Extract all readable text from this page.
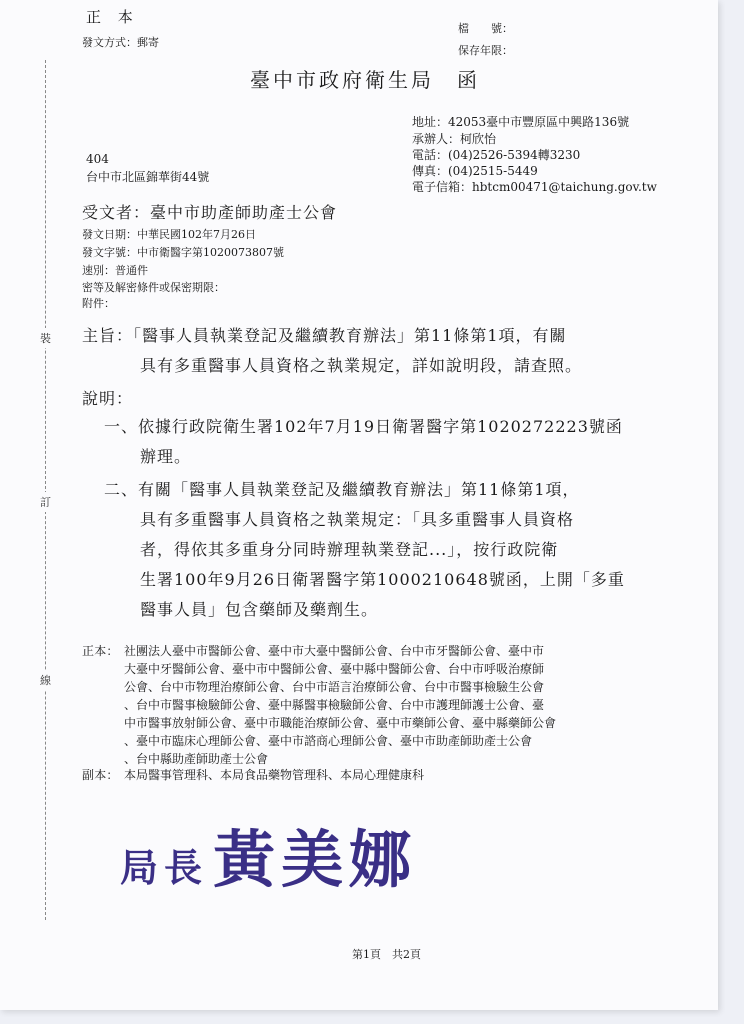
正 本
發文方式：郵寄
檔　　號：
保存年限：
臺中市政府衛生局　函
地址：42053臺中市豐原區中興路136號
承辦人：柯欣怡
電話：(04)2526-5394轉3230
傳真：(04)2515-5449
電子信箱：hbtcm00471@taichung.gov.tw
404
台中市北區錦華街44號
受文者：臺中市助產師助產士公會
發文日期：中華民國102年7月26日
發文字號：中市衛醫字第1020073807號
速別：普通件
密等及解密條件或保密期限：
附件：
裝
訂
線
主旨：「醫事人員執業登記及繼續教育辦法」第11條第1項，有關
具有多重醫事人員資格之執業規定，詳如說明段，請查照。
說明：
一、依據行政院衛生署102年7月19日衛署醫字第1020272223號函
辦理。
二、有關「醫事人員執業登記及繼續教育辦法」第11條第1項，
具有多重醫事人員資格之執業規定：「具多重醫事人員資格
者，得依其多重身分同時辦理執業登記...」，按行政院衛
生署100年9月26日衛署醫字第1000210648號函，上開「多重
醫事人員」包含藥師及藥劑生。
正本： 社團法人臺中市醫師公會、臺中市大臺中醫師公會、台中市牙醫師公會、臺中市
大臺中牙醫師公會、臺中市中醫師公會、臺中縣中醫師公會、台中市呼吸治療師
公會、台中市物理治療師公會、台中市語言治療師公會、台中市醫事檢驗生公會
、台中市醫事檢驗師公會、臺中縣醫事檢驗師公會、台中市護理師護士公會、臺
中市醫事放射師公會、臺中市職能治療師公會、臺中市藥師公會、臺中縣藥師公會
、臺中市臨床心理師公會、臺中市諮商心理師公會、臺中市助產師助產士公會
、台中縣助產師助產士公會
副本： 本局醫事管理科、本局食品藥物管理科、本局心理健康科
局長 黃美娜
第1頁　共2頁
